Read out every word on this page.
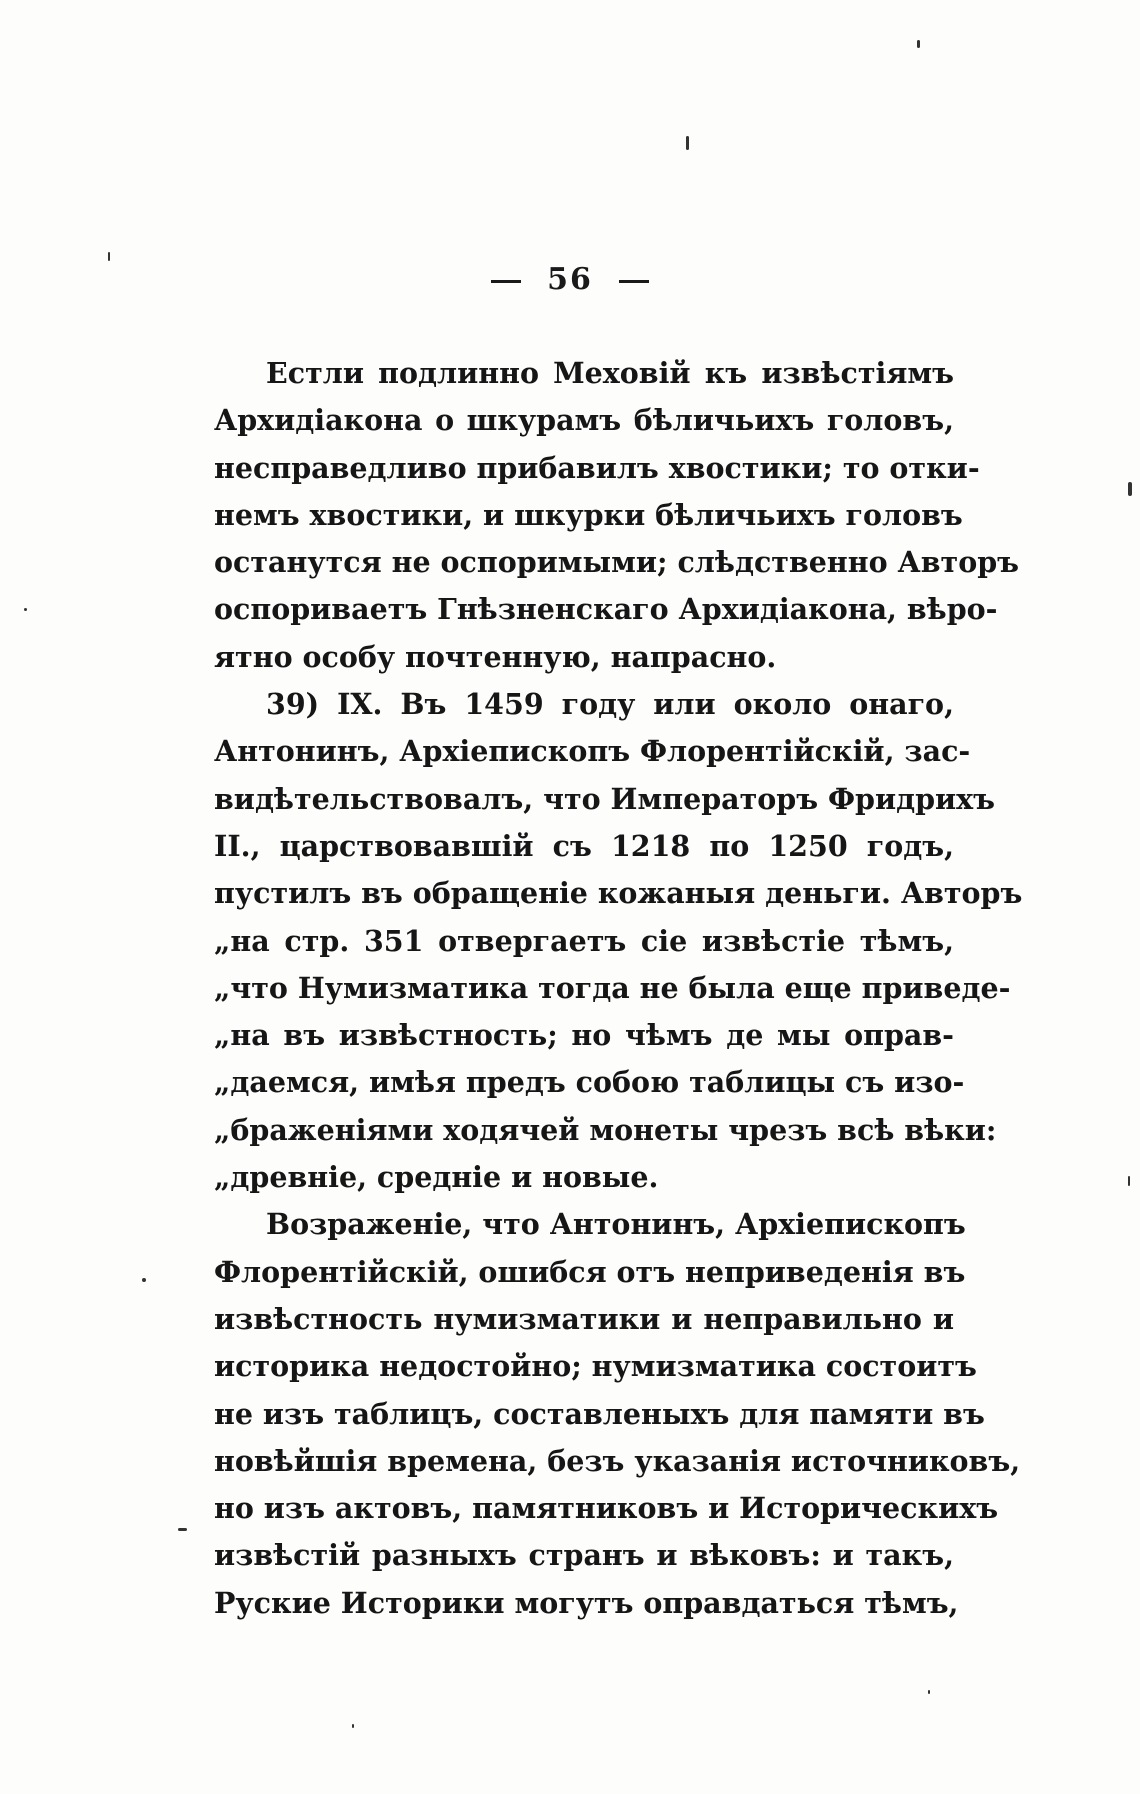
56
Естли подлинно Меховій къ извѣстіямъ
Архидіакона о шкурамъ бѣличьихъ головъ,
несправедливо прибавилъ хвостики; то отки-
немъ хвостики, и шкурки бѣличьихъ головъ
останутся не оспоримыми; слѣдственно Авторъ
оспориваетъ Гнѣзненскаго Архидіакона, вѣро-
ятно особу почтенную, напрасно.
39) IX. Въ 1459 году или около онаго,
Антонинъ, Архіепископъ Флорентійскій, зас-
видѣтельствовалъ, что Императоръ Фридрихъ
II., царствовавшій съ 1218 по 1250 годъ,
пустилъ въ обращеніе кожаныя деньги. Авторъ
„на стр. 351 отвергаетъ сіе извѣстіе тѣмъ,
„что Нумизматика тогда не была еще приведе-
„на въ извѣстность; но чѣмъ де мы оправ-
„даемся, имѣя предъ собою таблицы съ изо-
„браженіями ходячей монеты чрезъ всѣ вѣки:
„древніе, средніе и новые.
Возраженіе, что Антонинъ, Архіепископъ
Флорентійскій, ошибся отъ неприведенія въ
извѣстность нумизматики и неправильно и
историка недостойно; нумизматика состоитъ
не изъ таблицъ, составленыхъ для памяти въ
новѣйшія времена, безъ указанія источниковъ,
но изъ актовъ, памятниковъ и Историческихъ
извѣстій разныхъ странъ и вѣковъ: и такъ,
Руские Историки могутъ оправдаться тѣмъ,
